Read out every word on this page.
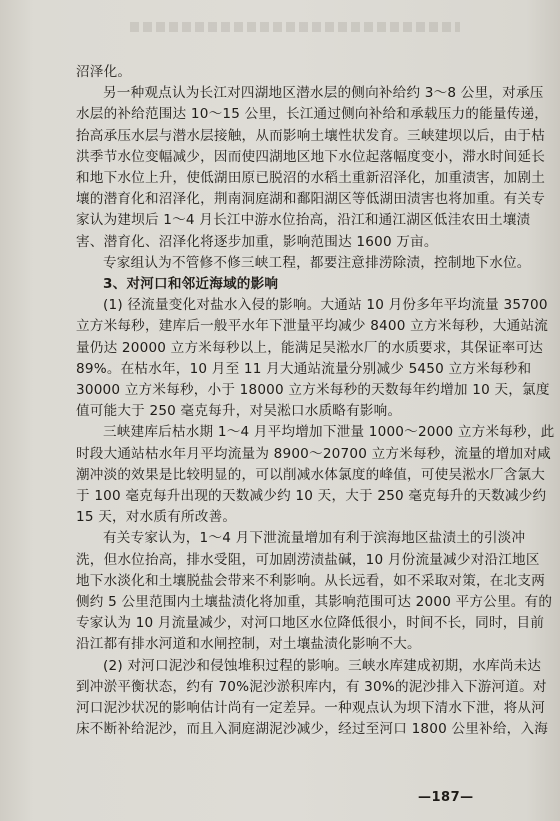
沼泽化。
另一种观点认为长江对四湖地区潜水层的侧向补给约 3～8 公里，对承压
水层的补给范围达 10～15 公里，长江通过侧向补给和承载压力的能量传递，
抬高承压水层与潜水层接触，从而影响土壤性状发育。三峡建坝以后，由于枯
洪季节水位变幅减少，因而使四湖地区地下水位起落幅度变小，滞水时间延长
和地下水位上升，使低湖田原已脱沼的水稻土重新沼泽化，加重渍害，加剧土
壤的潜育化和沼泽化，荆南洞庭湖和鄱阳湖区等低湖田渍害也将加重。有关专
家认为建坝后 1～4 月长江中游水位抬高，沿江和通江湖区低洼农田土壤渍
害、潜育化、沼泽化将逐步加重，影响范围达 1600 万亩。
专家组认为不管修不修三峡工程，都要注意排涝除渍，控制地下水位。
3、对河口和邻近海域的影响
(1) 径流量变化对盐水入侵的影响。大通站 10 月份多年平均流量 35700
立方米每秒，建库后一般平水年下泄量平均减少 8400 立方米每秒，大通站流
量仍达 20000 立方米每秒以上，能满足吴淞水厂的水质要求，其保证率可达
89%。在枯水年，10 月至 11 月大通站流量分别减少 5450 立方米每秒和
30000 立方米每秒，小于 18000 立方米每秒的天数每年约增加 10 天，氯度
值可能大于 250 毫克每升，对吴淞口水质略有影响。
三峡建库后枯水期 1～4 月平均增加下泄量 1000～2000 立方米每秒，此
时段大通站枯水年月平均流量为 8900～20700 立方米每秒，流量的增加对咸
潮冲淡的效果是比较明显的，可以削减水体氯度的峰值，可使吴淞水厂含氯大
于 100 毫克每升出现的天数减少约 10 天，大于 250 毫克每升的天数减少约
15 天，对水质有所改善。
有关专家认为，1～4 月下泄流量增加有利于滨海地区盐渍土的引淡冲
洗，但水位抬高，排水受阻，可加剧涝渍盐碱，10 月份流量减少对沿江地区
地下水淡化和土壤脱盐会带来不利影响。从长远看，如不采取对策，在北支两
侧约 5 公里范围内土壤盐渍化将加重，其影响范围可达 2000 平方公里。有的
专家认为 10 月流量减少，对河口地区水位降低很小，时间不长，同时，目前
沿江都有排水河道和水闸控制，对土壤盐渍化影响不大。
(2) 对河口泥沙和侵蚀堆积过程的影响。三峡水库建成初期，水库尚未达
到冲淤平衡状态，约有 70%泥沙淤积库内，有 30%的泥沙排入下游河道。对
河口泥沙状况的影响估计尚有一定差异。一种观点认为坝下清水下泄，将从河
床不断补给泥沙，而且入洞庭湖泥沙减少，经过至河口 1800 公里补给，入海
—187—
